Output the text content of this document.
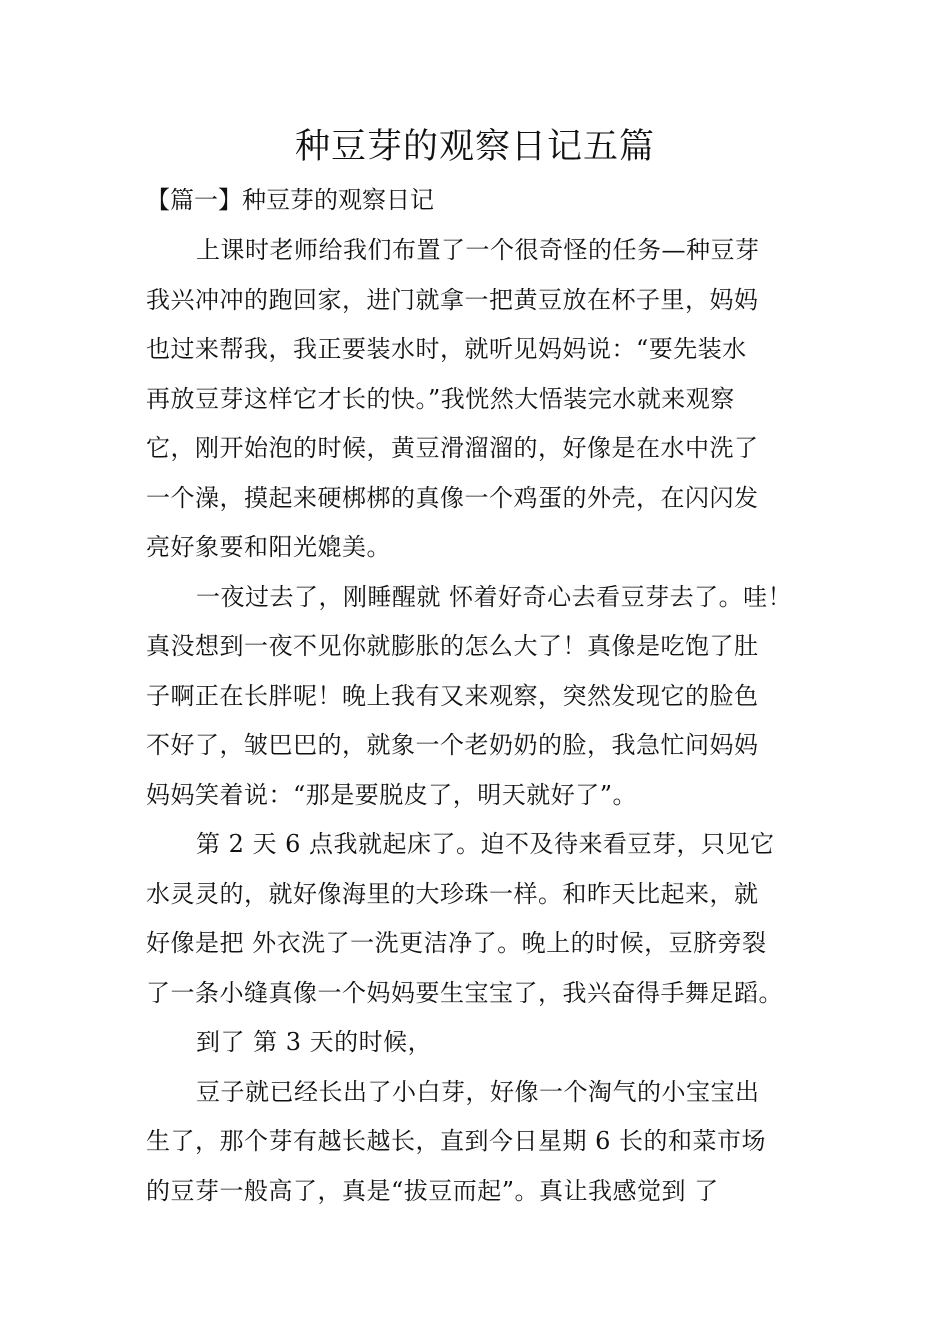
种豆芽的观察日记五篇
【篇一】种豆芽的观察日记
上课时老师给我们布置了一个很奇怪的任务—种豆芽
我兴冲冲的跑回家，进门就拿一把黄豆放在杯子里，妈妈
也过来帮我，我正要装水时，就听见妈妈说：“要先装水
再放豆芽这样它才长的快。”我恍然大悟装完水就来观察
它，刚开始泡的时候，黄豆滑溜溜的，好像是在水中洗了
一个澡，摸起来硬梆梆的真像一个鸡蛋的外壳，在闪闪发
亮好象要和阳光媲美。
一夜过去了，刚睡醒就 怀着好奇心去看豆芽去了。哇！
真没想到一夜不见你就膨胀的怎么大了！真像是吃饱了肚
子啊正在长胖呢！晚上我有又来观察，突然发现它的脸色
不好了，皱巴巴的，就象一个老奶奶的脸，我急忙问妈妈
妈妈笑着说：“那是要脱皮了，明天就好了”。
第 2 天 6 点我就起床了。迫不及待来看豆芽，只见它
水灵灵的，就好像海里的大珍珠一样。和昨天比起来，就
好像是把 外衣洗了一洗更洁净了。晚上的时候，豆脐旁裂
了一条小缝真像一个妈妈要生宝宝了，我兴奋得手舞足蹈。
到了 第 3 天的时候，
豆子就已经长出了小白芽，好像一个淘气的小宝宝出
生了，那个芽有越长越长，直到今日星期 6 长的和菜市场
的豆芽一般高了，真是“拔豆而起”。真让我感觉到 了
